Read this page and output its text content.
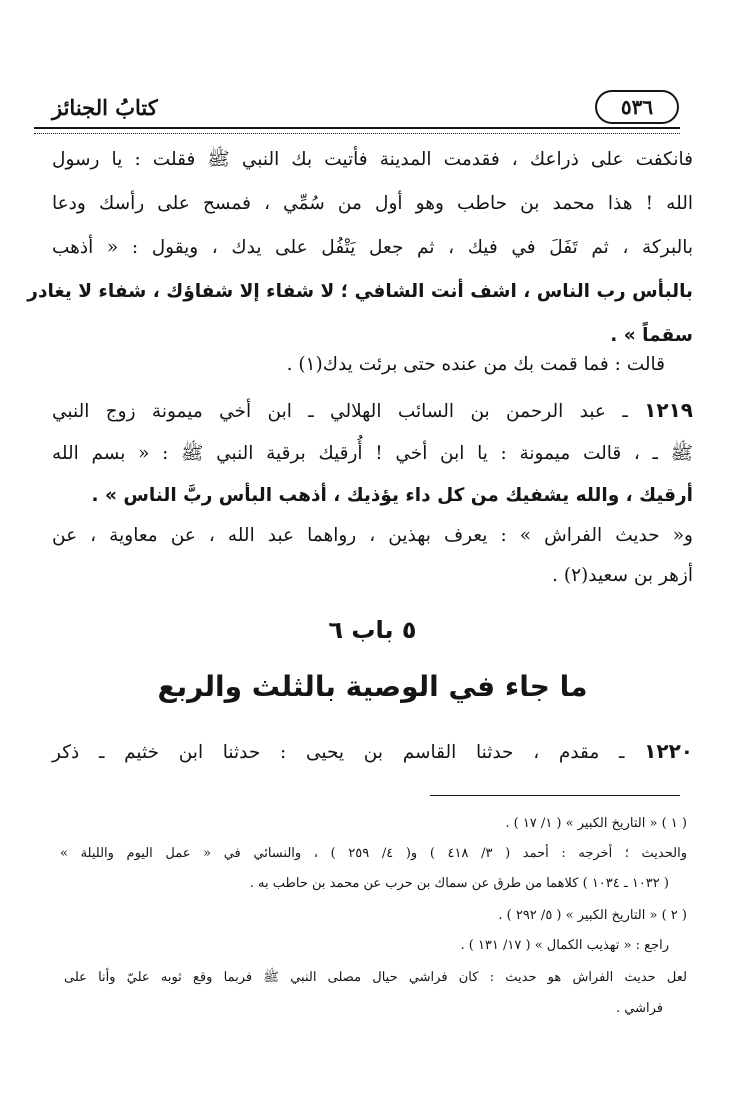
كتابُ الجنائز	٥٣٦
فانكفت على ذراعك ، فقدمت المدينة فأتيت بك النبي ﷺ فقلت : يا رسول
الله ! هذا محمد بن حاطب وهو أول من سُمِّي ، فمسح على رأسك ودعا
بالبركة ، ثم تَفَلَ في فيك ، ثم جعل يَتْفُل على يدك ، ويقول : « أذهب
بالبأس رب الناس ، اشف أنت الشافي ؛ لا شفاء إلا شفاؤك ، شفاء لا يغادر
سقماً » .
قالت : فما قمت بك من عنده حتى برئت يدك(١) .
١٢١٩ ـ عبد الرحمن بن السائب الهلالي ـ ابن أخي ميمونة زوج النبي
ﷺ ـ ، قالت ميمونة : يا ابن أخي ! أُرقيك برقية النبي ﷺ : « بسم الله
أرقيك ، والله يشفيك من كل داء يؤذيك ، أذهب البأس ربَّ الناس » .
و« حديث الفراش » : يعرف بهذين ، رواهما عبد الله ، عن معاوية ، عن
أزهر بن سعيد(٢) .
٥ باب ٦
ما جاء في الوصية بالثلث والربع
١٢٢٠ ـ مقدم ، حدثنا القاسم بن يحيى : حدثنا ابن خثيم ـ ذكر
( ١ ) « التاريخ الكبير » ( ١/ ١٧ ) .
والحديث ؛ أخرجه : أحمد ( ٣/ ٤١٨ ) و( ٤/ ٢٥٩ ) ، والنسائي في « عمل اليوم والليلة »
( ١٠٣٢ ـ ١٠٣٤ ) كلاهما من طرق عن سماك بن حرب عن محمد بن حاطب به .
( ٢ ) « التاريخ الكبير » ( ٥/ ٢٩٢ ) .
راجع : « تهذيب الكمال » ( ١٧/ ١٣١ ) .
لعل حديث الفراش هو حديث : كان فراشي حيال مصلى النبي ﷺ فربما وقع ثوبه عليّ وأنا على
فراشي .
